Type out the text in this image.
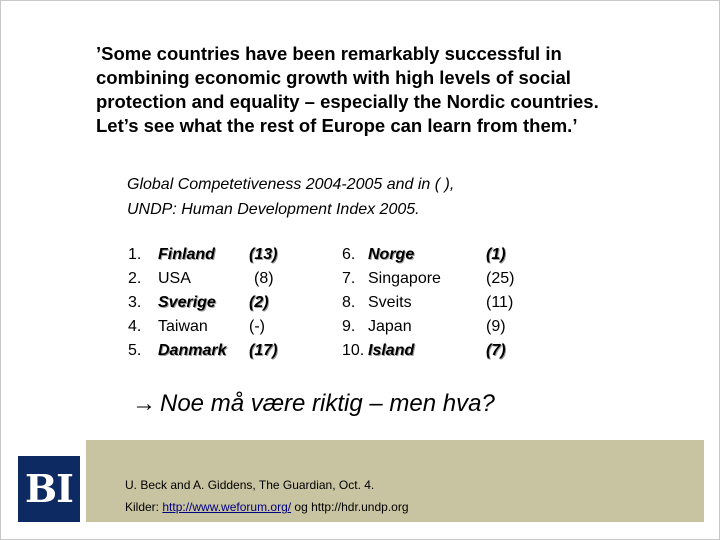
’Some countries have been remarkably successful in
combining economic growth with high levels of social
protection and equality – especially the Nordic countries.
Let’s see what the rest of Europe can learn from them.’
Global Competetiveness 2004-2005 and in ( ),
UNDP: Human Development Index 2005.
1.
2.
3.
4.
5.
Finland
USA
Sverige
Taiwan
Danmark
(13)
(8)
(2)
(-)
(17)
6.
7.
8.
9.
10.
Norge
Singapore
Sveits
Japan
Island
(1)
(25)
(11)
(9)
(7)
→ Noe må være riktig – men hva?
BI	U. Beck and A. Giddens, The Guardian, Oct. 4.
Kilder: http://www.weforum.org/ og http://hdr.undp.org
